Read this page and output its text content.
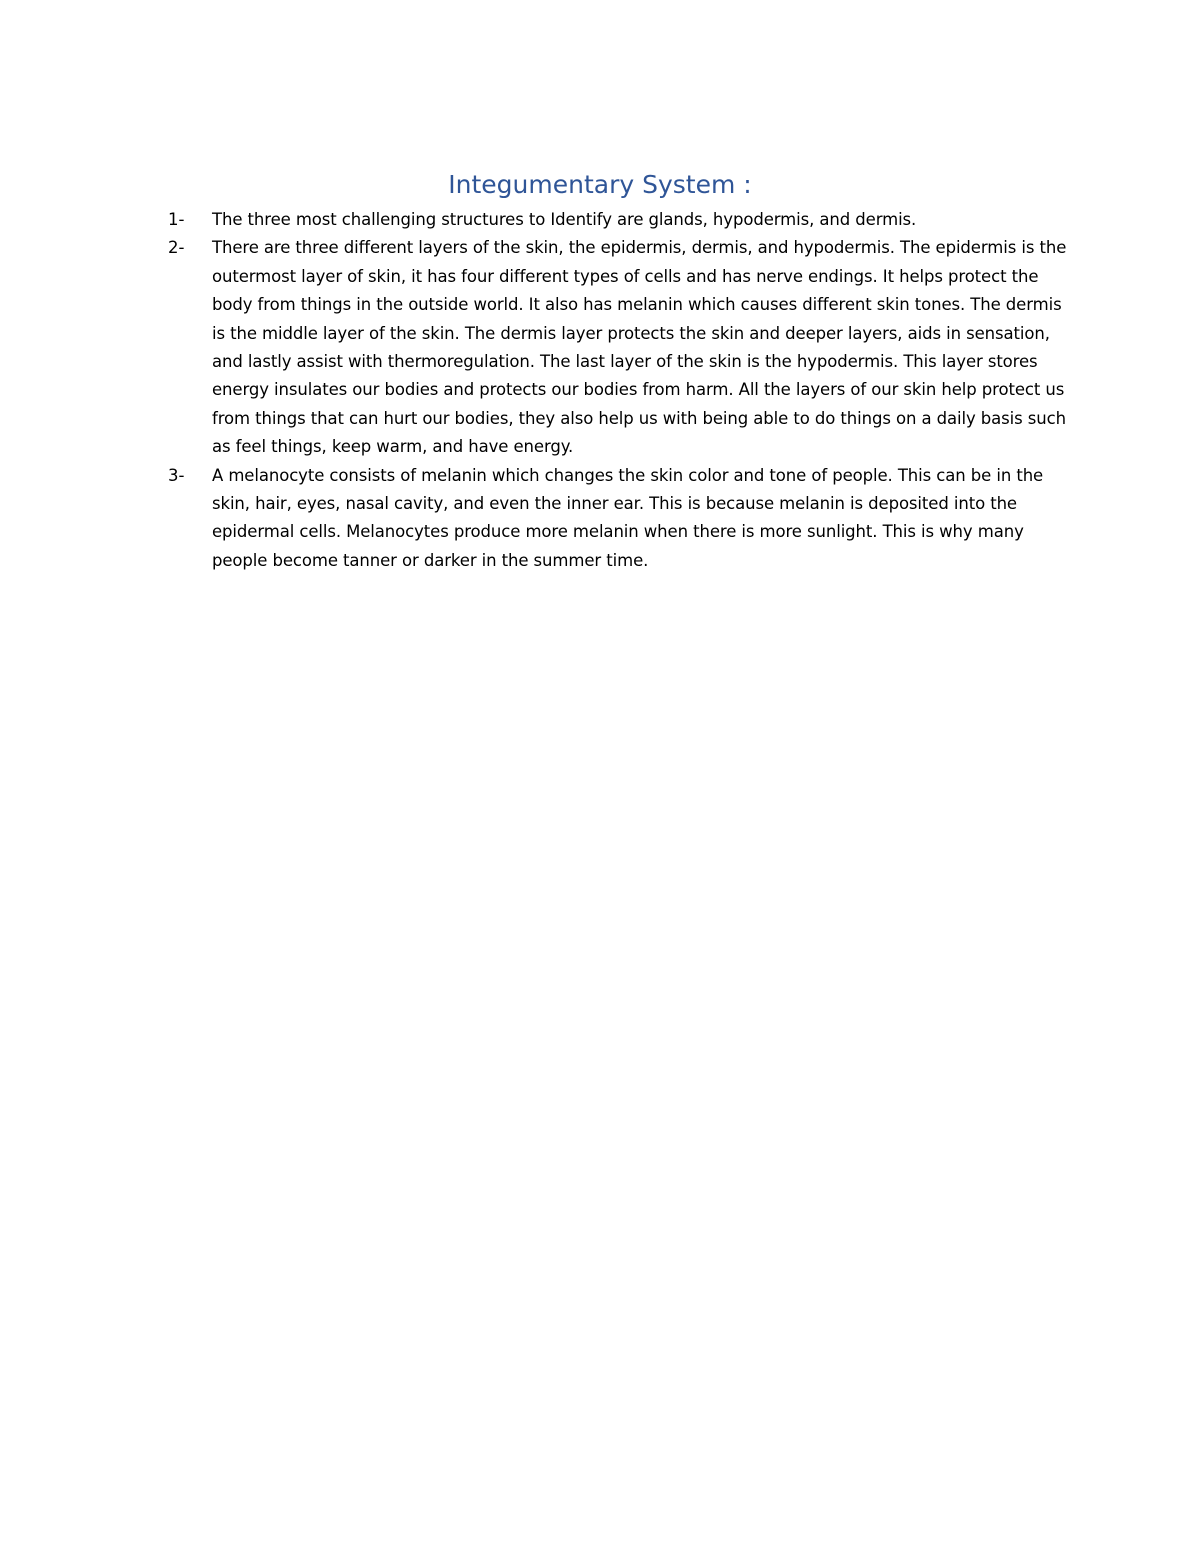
Integumentary System :
1-	The three most challenging structures to Identify are glands, hypodermis, and dermis.
2-	There are three different layers of the skin, the epidermis, dermis, and hypodermis. The epidermis is the outermost layer of skin, it has four different types of cells and has nerve endings. It helps protect the body from things in the outside world. It also has melanin which causes different skin tones. The dermis is the middle layer of the skin. The dermis layer protects the skin and deeper layers, aids in sensation, and lastly assist with thermoregulation. The last layer of the skin is the hypodermis. This layer stores energy insulates our bodies and protects our bodies from harm. All the layers of our skin help protect us from things that can hurt our bodies, they also help us with being able to do things on a daily basis such as feel things, keep warm, and have energy.
3-	A melanocyte consists of melanin which changes the skin color and tone of people. This can be in the skin, hair, eyes, nasal cavity, and even the inner ear. This is because melanin is deposited into the epidermal cells. Melanocytes produce more melanin when there is more sunlight. This is why many people become tanner or darker in the summer time.
